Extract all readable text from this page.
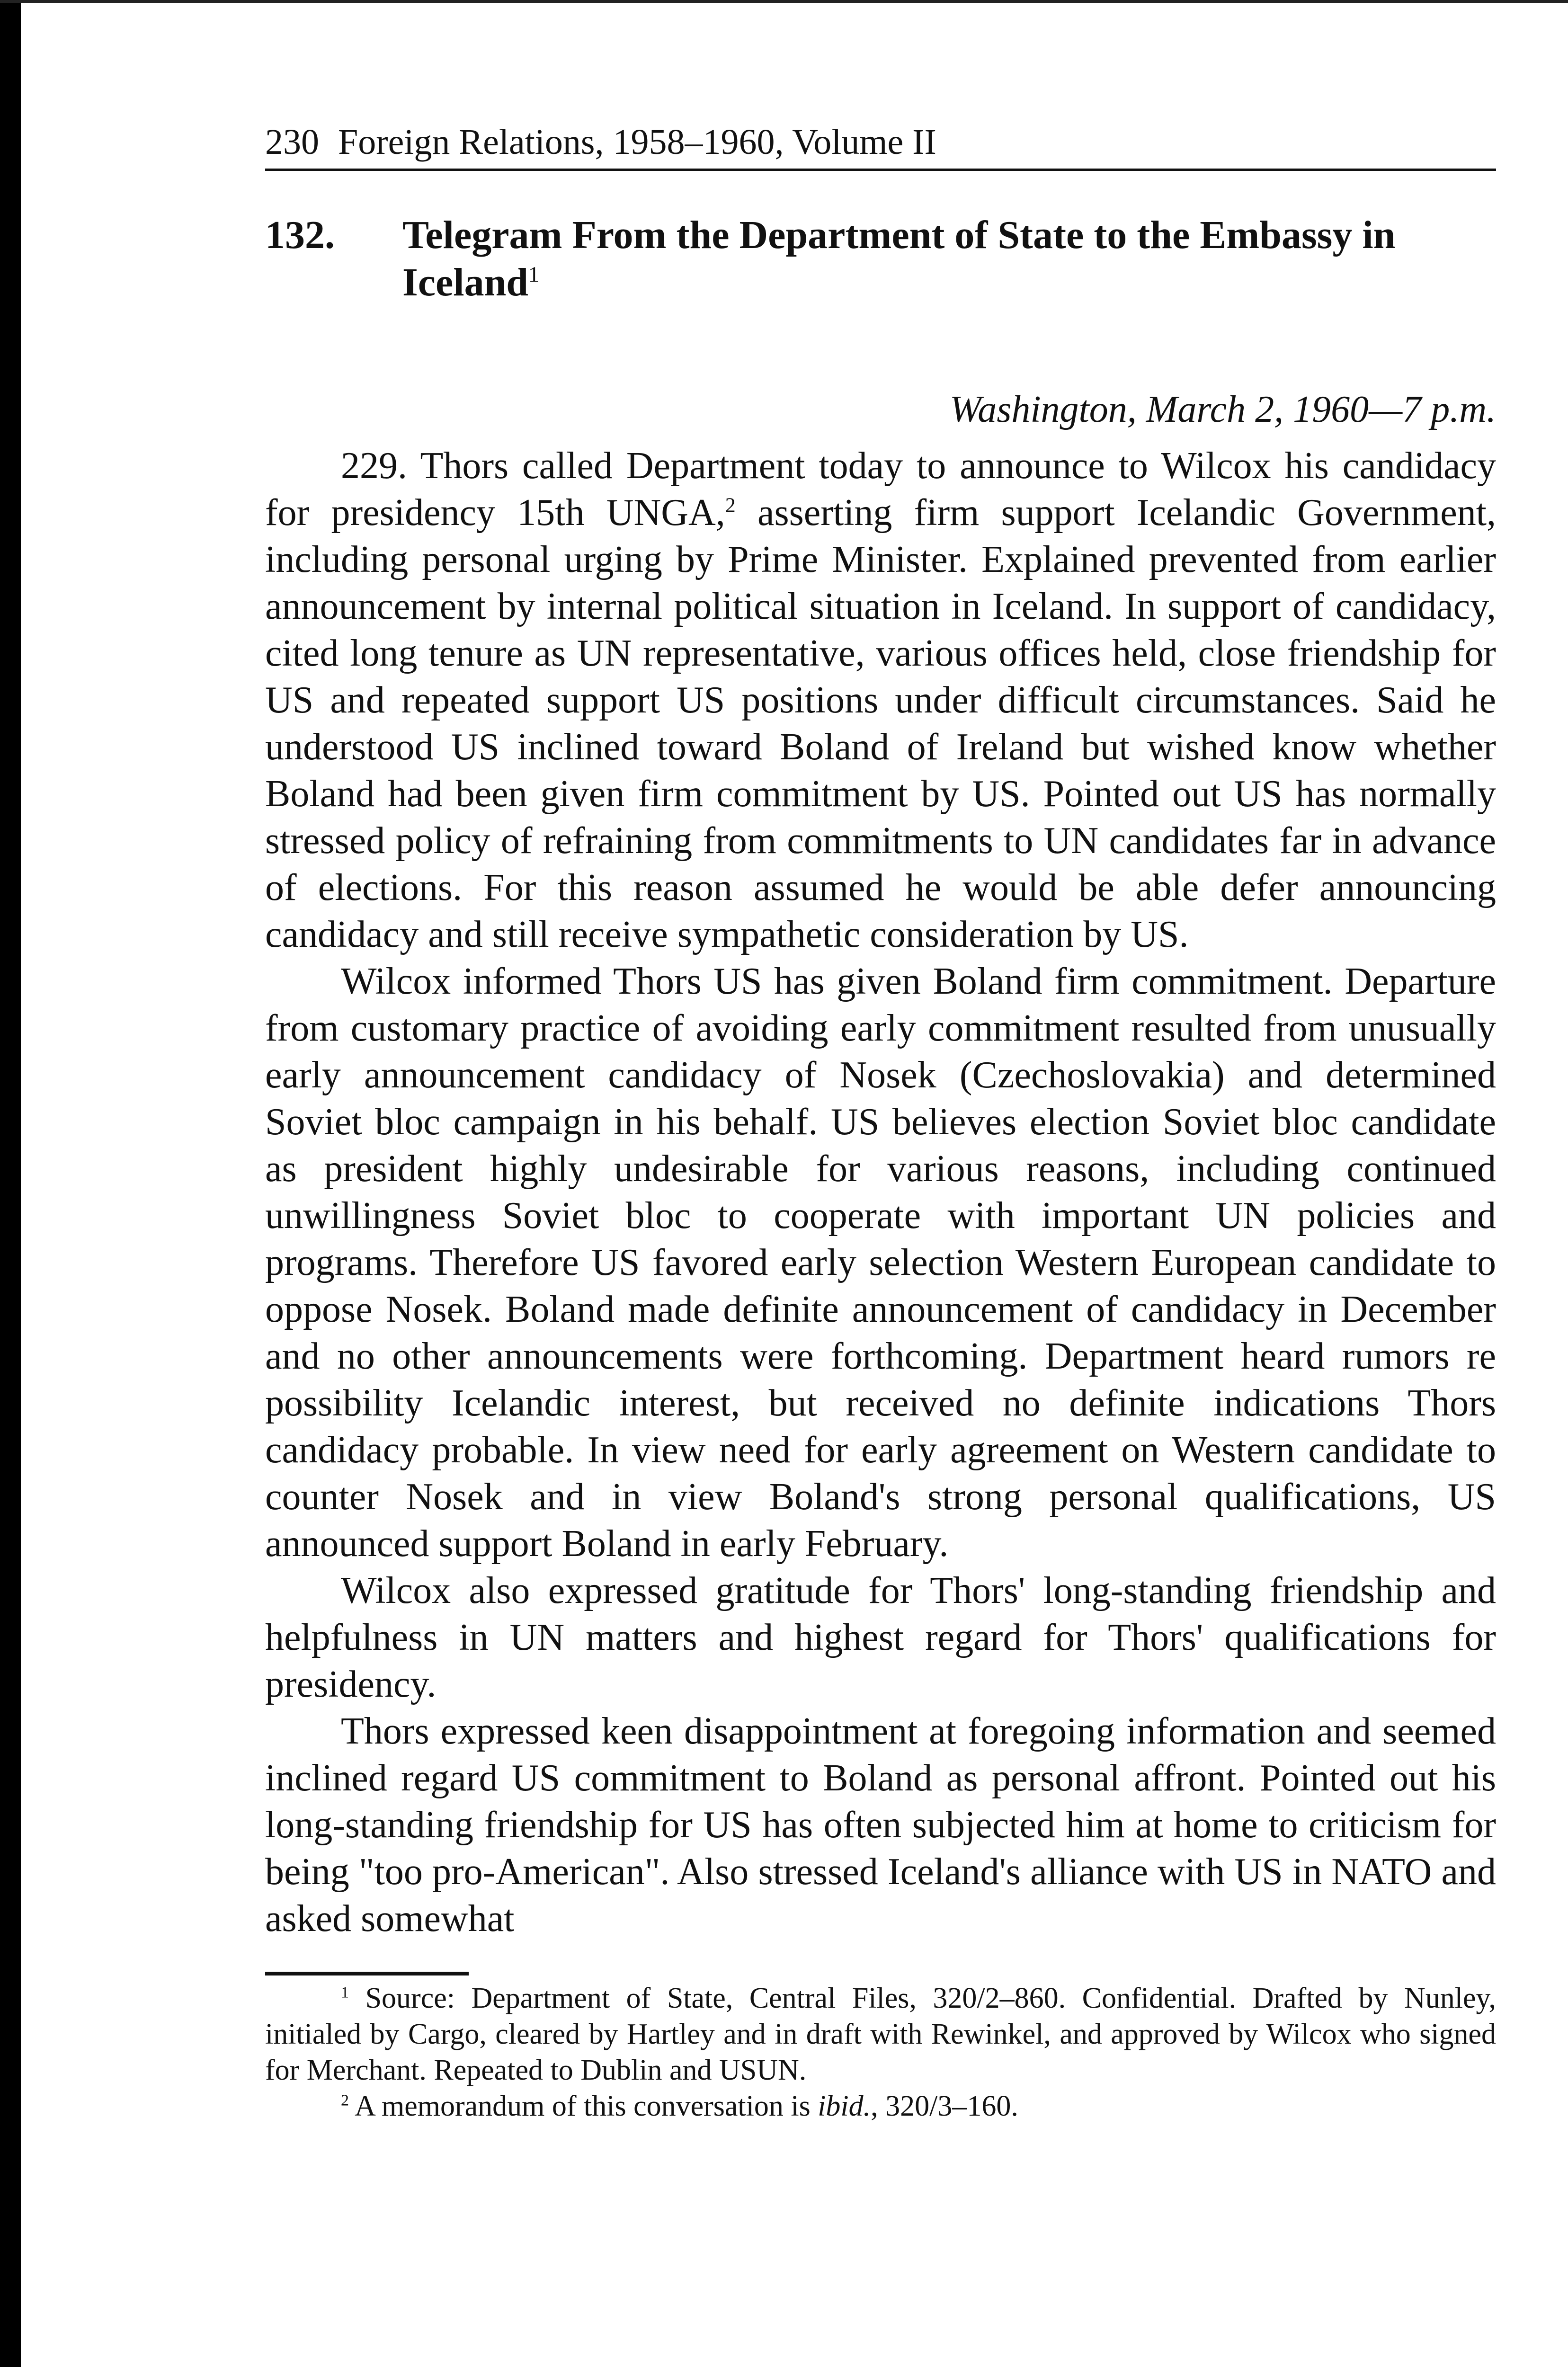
230 Foreign Relations, 1958–1960, Volume II
132.	Telegram From the Department of State to the Embassy in Iceland$^1$
Washington, March 2, 1960—7 p.m.

229. Thors called Department today to announce to Wilcox his candidacy for presidency 15th UNGA,$^2$ asserting firm support Icelandic Government, including personal urging by Prime Minister. Explained prevented from earlier announcement by internal political situation in Iceland. In support of candidacy, cited long tenure as UN representative, various offices held, close friendship for US and repeated support US positions under difficult circumstances. Said he understood US inclined toward Boland of Ireland but wished know whether Boland had been given firm commitment by US. Pointed out US has normally stressed policy of refraining from commitments to UN candidates far in advance of elections. For this reason assumed he would be able defer announcing candidacy and still receive sympathetic consideration by US.

Wilcox informed Thors US has given Boland firm commitment. Departure from customary practice of avoiding early commitment resulted from unusually early announcement candidacy of Nosek (Czechoslovakia) and determined Soviet bloc campaign in his behalf. US believes election Soviet bloc candidate as president highly undesirable for various reasons, including continued unwillingness Soviet bloc to cooperate with important UN policies and programs. Therefore US favored early selection Western European candidate to oppose Nosek. Boland made definite announcement of candidacy in December and no other announcements were forthcoming. Department heard rumors re possibility Icelandic interest, but received no definite indications Thors candidacy probable. In view need for early agreement on Western candidate to counter Nosek and in view Boland's strong personal qualifications, US announced support Boland in early February.

Wilcox also expressed gratitude for Thors' long-standing friendship and helpfulness in UN matters and highest regard for Thors' qualifications for presidency.

Thors expressed keen disappointment at foregoing information and seemed inclined regard US commitment to Boland as personal affront. Pointed out his long-standing friendship for US has often subjected him at home to criticism for being "too pro-American". Also stressed Iceland's alliance with US in NATO and asked somewhat

$^1$ Source: Department of State, Central Files, 320/2–860. Confidential. Drafted by Nunley, initialed by Cargo, cleared by Hartley and in draft with Rewinkel, and approved by Wilcox who signed for Merchant. Repeated to Dublin and USUN.

$^2$ A memorandum of this conversation is ibid., 320/3–160.
